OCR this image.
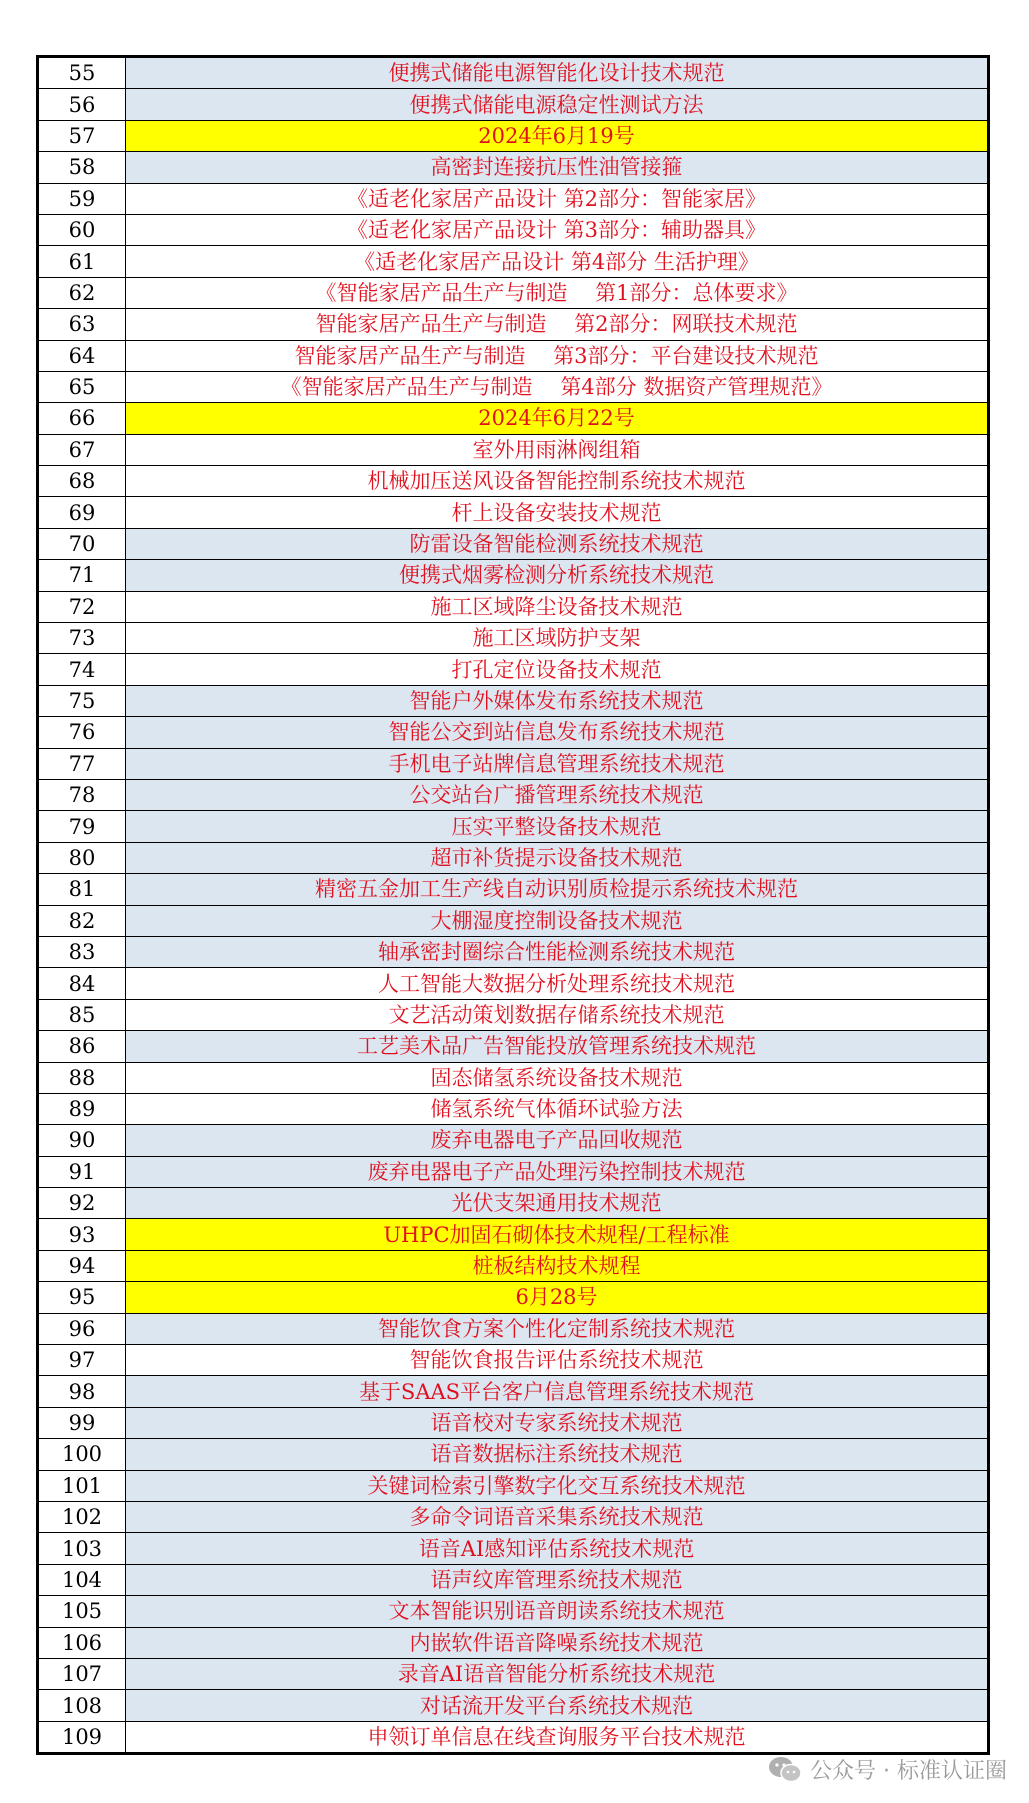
55	便携式储能电源智能化设计技术规范
56	便携式储能电源稳定性测试方法
57	2024年6月19号
58	高密封连接抗压性油管接箍
59	《适老化家居产品设计 第2部分：智能家居》
60	《适老化家居产品设计 第3部分：辅助器具》
61	《适老化家居产品设计 第4部分 生活护理》
62	《智能家居产品生产与制造　 第1部分：总体要求》
63	智能家居产品生产与制造　 第2部分：网联技术规范
64	智能家居产品生产与制造　 第3部分：平台建设技术规范
65	《智能家居产品生产与制造　 第4部分 数据资产管理规范》
66	2024年6月22号
67	室外用雨淋阀组箱
68	机械加压送风设备智能控制系统技术规范
69	杆上设备安装技术规范
70	防雷设备智能检测系统技术规范
71	便携式烟雾检测分析系统技术规范
72	施工区域降尘设备技术规范
73	施工区域防护支架
74	打孔定位设备技术规范
75	智能户外媒体发布系统技术规范
76	智能公交到站信息发布系统技术规范
77	手机电子站牌信息管理系统技术规范
78	公交站台广播管理系统技术规范
79	压实平整设备技术规范
80	超市补货提示设备技术规范
81	精密五金加工生产线自动识别质检提示系统技术规范
82	大棚湿度控制设备技术规范
83	轴承密封圈综合性能检测系统技术规范
84	人工智能大数据分析处理系统技术规范
85	文艺活动策划数据存储系统技术规范
86	工艺美术品广告智能投放管理系统技术规范
88	固态储氢系统设备技术规范
89	储氢系统气体循环试验方法
90	废弃电器电子产品回收规范
91	废弃电器电子产品处理污染控制技术规范
92	光伏支架通用技术规范
93	UHPC加固石砌体技术规程/工程标准
94	桩板结构技术规程
95	6月28号
96	智能饮食方案个性化定制系统技术规范
97	智能饮食报告评估系统技术规范
98	基于SAAS平台客户信息管理系统技术规范
99	语音校对专家系统技术规范
100	语音数据标注系统技术规范
101	关键词检索引擎数字化交互系统技术规范
102	多命令词语音采集系统技术规范
103	语音AI感知评估系统技术规范
104	语声纹库管理系统技术规范
105	文本智能识别语音朗读系统技术规范
106	内嵌软件语音降噪系统技术规范
107	录音AI语音智能分析系统技术规范
108	对话流开发平台系统技术规范
109	申领订单信息在线查询服务平台技术规范
公众号 · 标准认证圈
